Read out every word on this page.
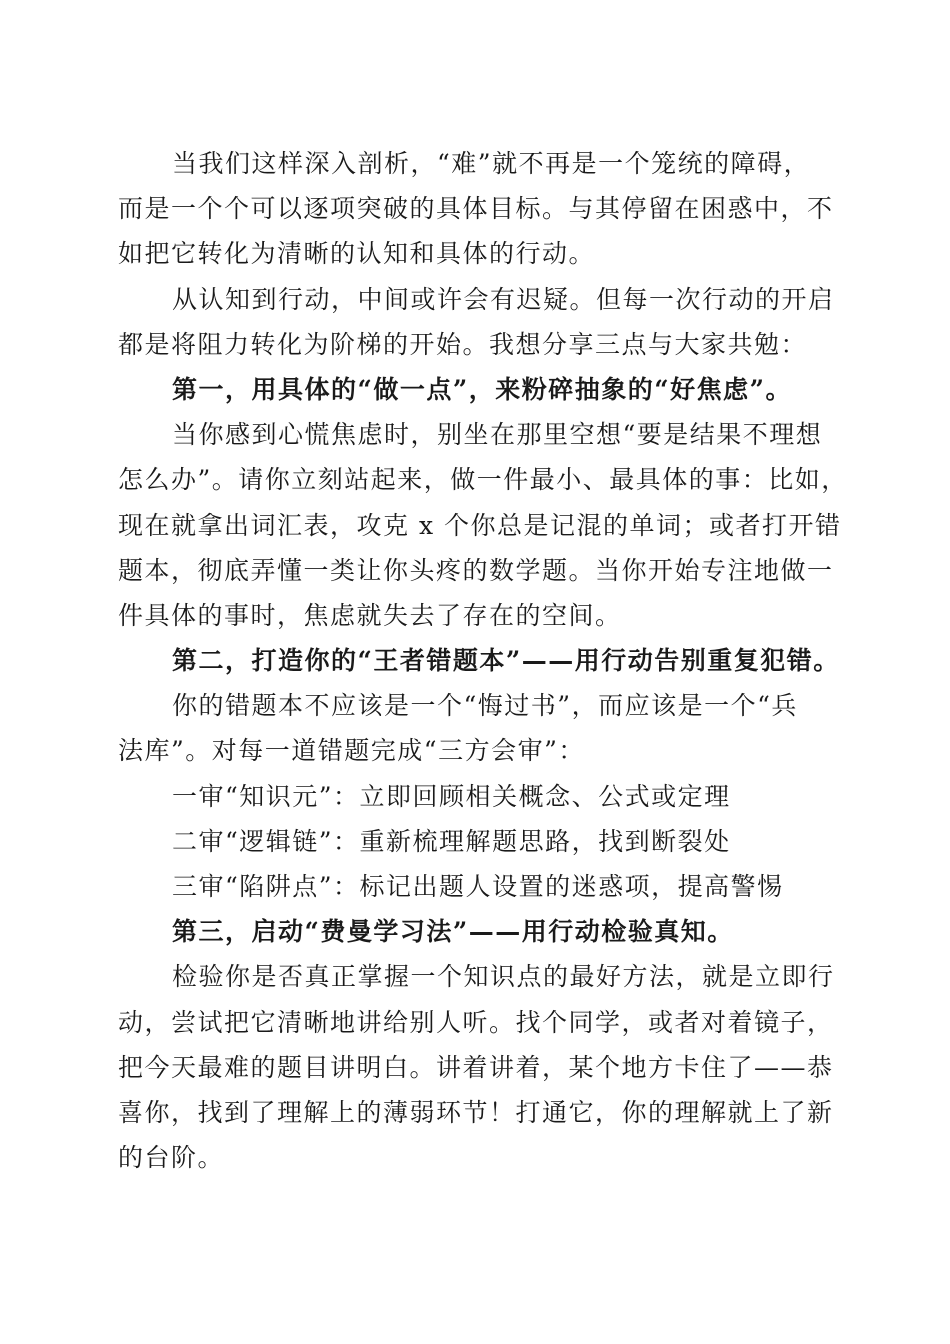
当我们这样深入剖析，“难”就不再是一个笼统的障碍，
而是一个个可以逐项突破的具体目标。与其停留在困惑中，不
如把它转化为清晰的认知和具体的行动。
从认知到行动，中间或许会有迟疑。但每一次行动的开启
都是将阻力转化为阶梯的开始。我想分享三点与大家共勉：
第一，用具体的“做一点”，来粉碎抽象的“好焦虑”。
当你感到心慌焦虑时，别坐在那里空想“要是结果不理想
怎么办”。请你立刻站起来，做一件最小、最具体的事：比如，
现在就拿出词汇表，攻克 x 个你总是记混的单词；或者打开错
题本，彻底弄懂一类让你头疼的数学题。当你开始专注地做一
件具体的事时，焦虑就失去了存在的空间。
第二，打造你的“王者错题本”——用行动告别重复犯错。
你的错题本不应该是一个“悔过书”，而应该是一个“兵
法库”。对每一道错题完成“三方会审”：
一审“知识元”：立即回顾相关概念、公式或定理
二审“逻辑链”：重新梳理解题思路，找到断裂处
三审“陷阱点”：标记出题人设置的迷惑项，提高警惕
第三，启动“费曼学习法”——用行动检验真知。
检验你是否真正掌握一个知识点的最好方法，就是立即行
动，尝试把它清晰地讲给别人听。找个同学，或者对着镜子，
把今天最难的题目讲明白。讲着讲着，某个地方卡住了——恭
喜你，找到了理解上的薄弱环节！打通它，你的理解就上了新
的台阶。
